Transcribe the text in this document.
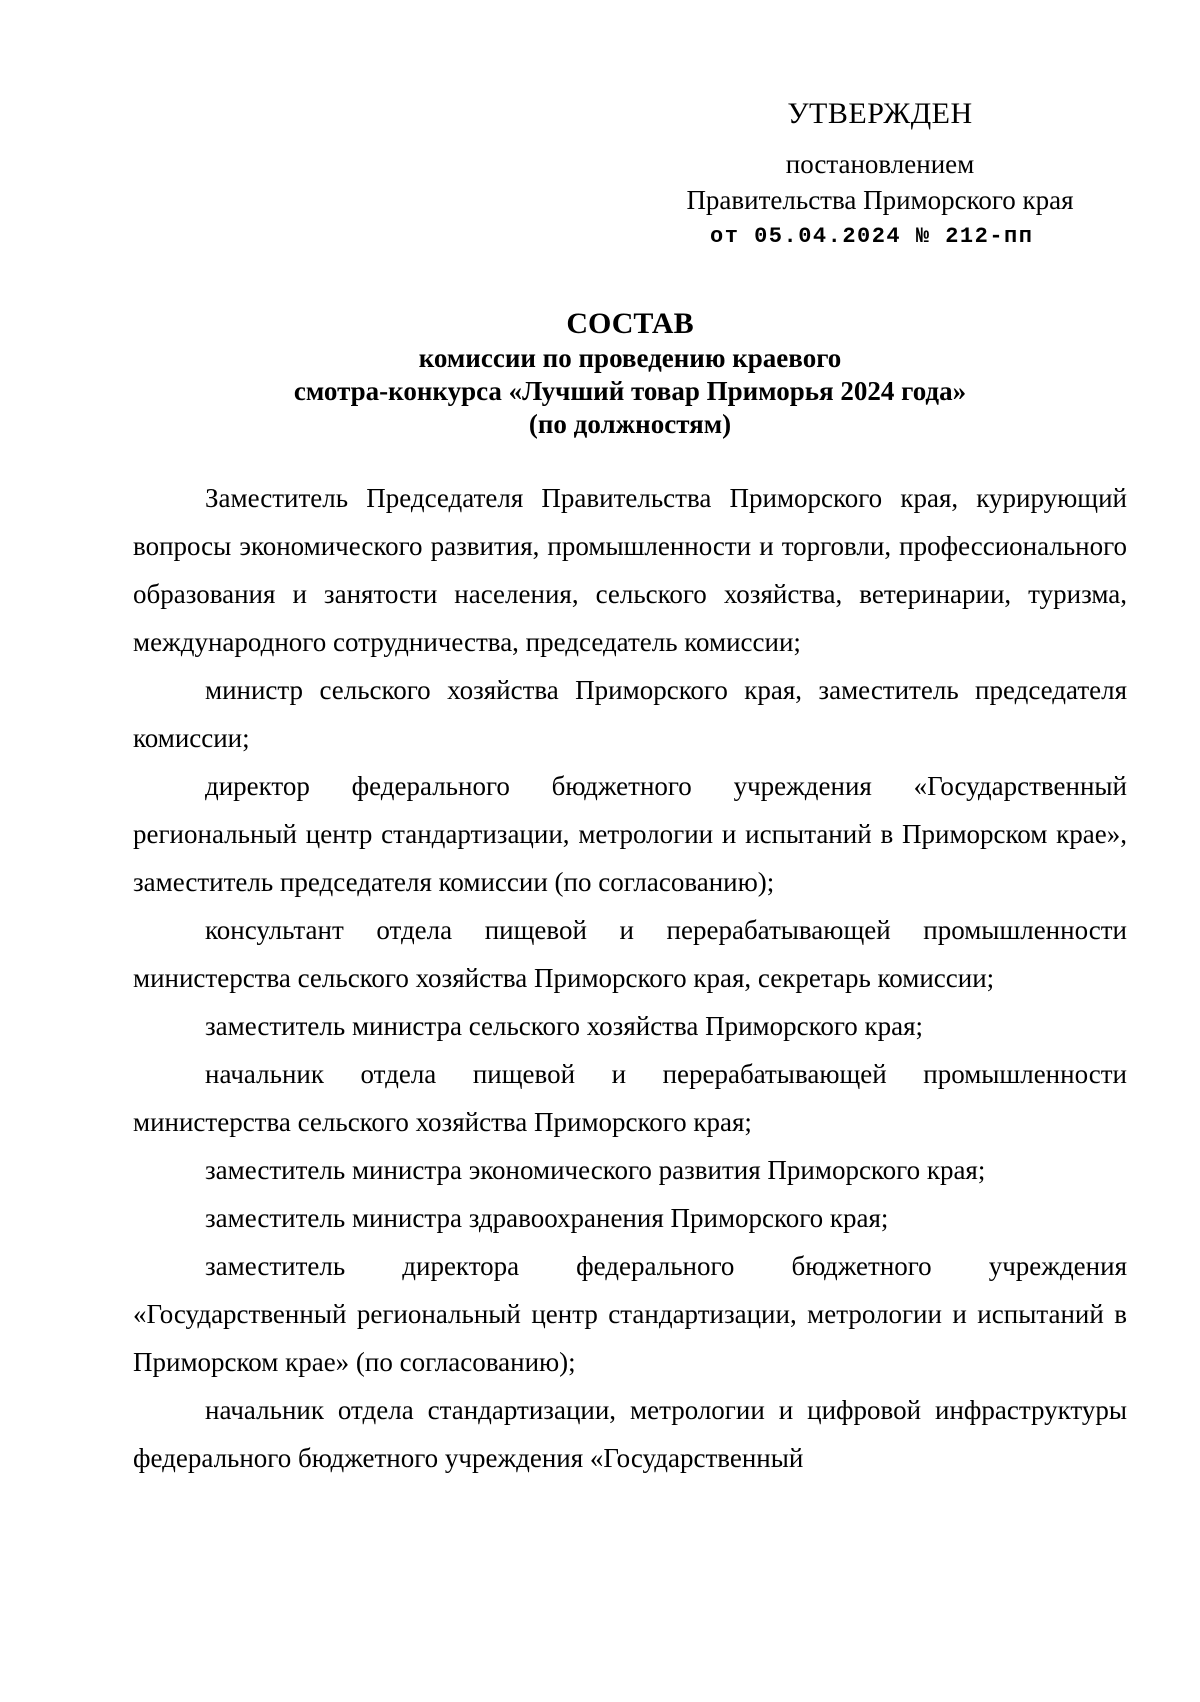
УТВЕРЖДЕН
постановлением
Правительства Приморского края
от 05.04.2024 № 212-пп
СОСТАВ
комиссии по проведению краевого
смотра-конкурса «Лучший товар Приморья 2024 года»
(по должностям)

Заместитель Председателя Правительства Приморского края, курирующий вопросы экономического развития, промышленности и торговли, профессионального образования и занятости населения, сельского хозяйства, ветеринарии, туризма, международного сотрудничества, председатель комиссии;

министр сельского хозяйства Приморского края, заместитель председателя комиссии;

директор федерального бюджетного учреждения «Государственный региональный центр стандартизации, метрологии и испытаний в Приморском крае», заместитель председателя комиссии (по согласованию);

консультант отдела пищевой и перерабатывающей промышленности министерства сельского хозяйства Приморского края, секретарь комиссии;

заместитель министра сельского хозяйства Приморского края;

начальник отдела пищевой и перерабатывающей промышленности министерства сельского хозяйства Приморского края;

заместитель министра экономического развития Приморского края;

заместитель министра здравоохранения Приморского края;

заместитель директора федерального бюджетного учреждения «Государственный региональный центр стандартизации, метрологии и испытаний в Приморском крае» (по согласованию);

начальник отдела стандартизации, метрологии и цифровой инфраструктуры федерального бюджетного учреждения «Государственный
